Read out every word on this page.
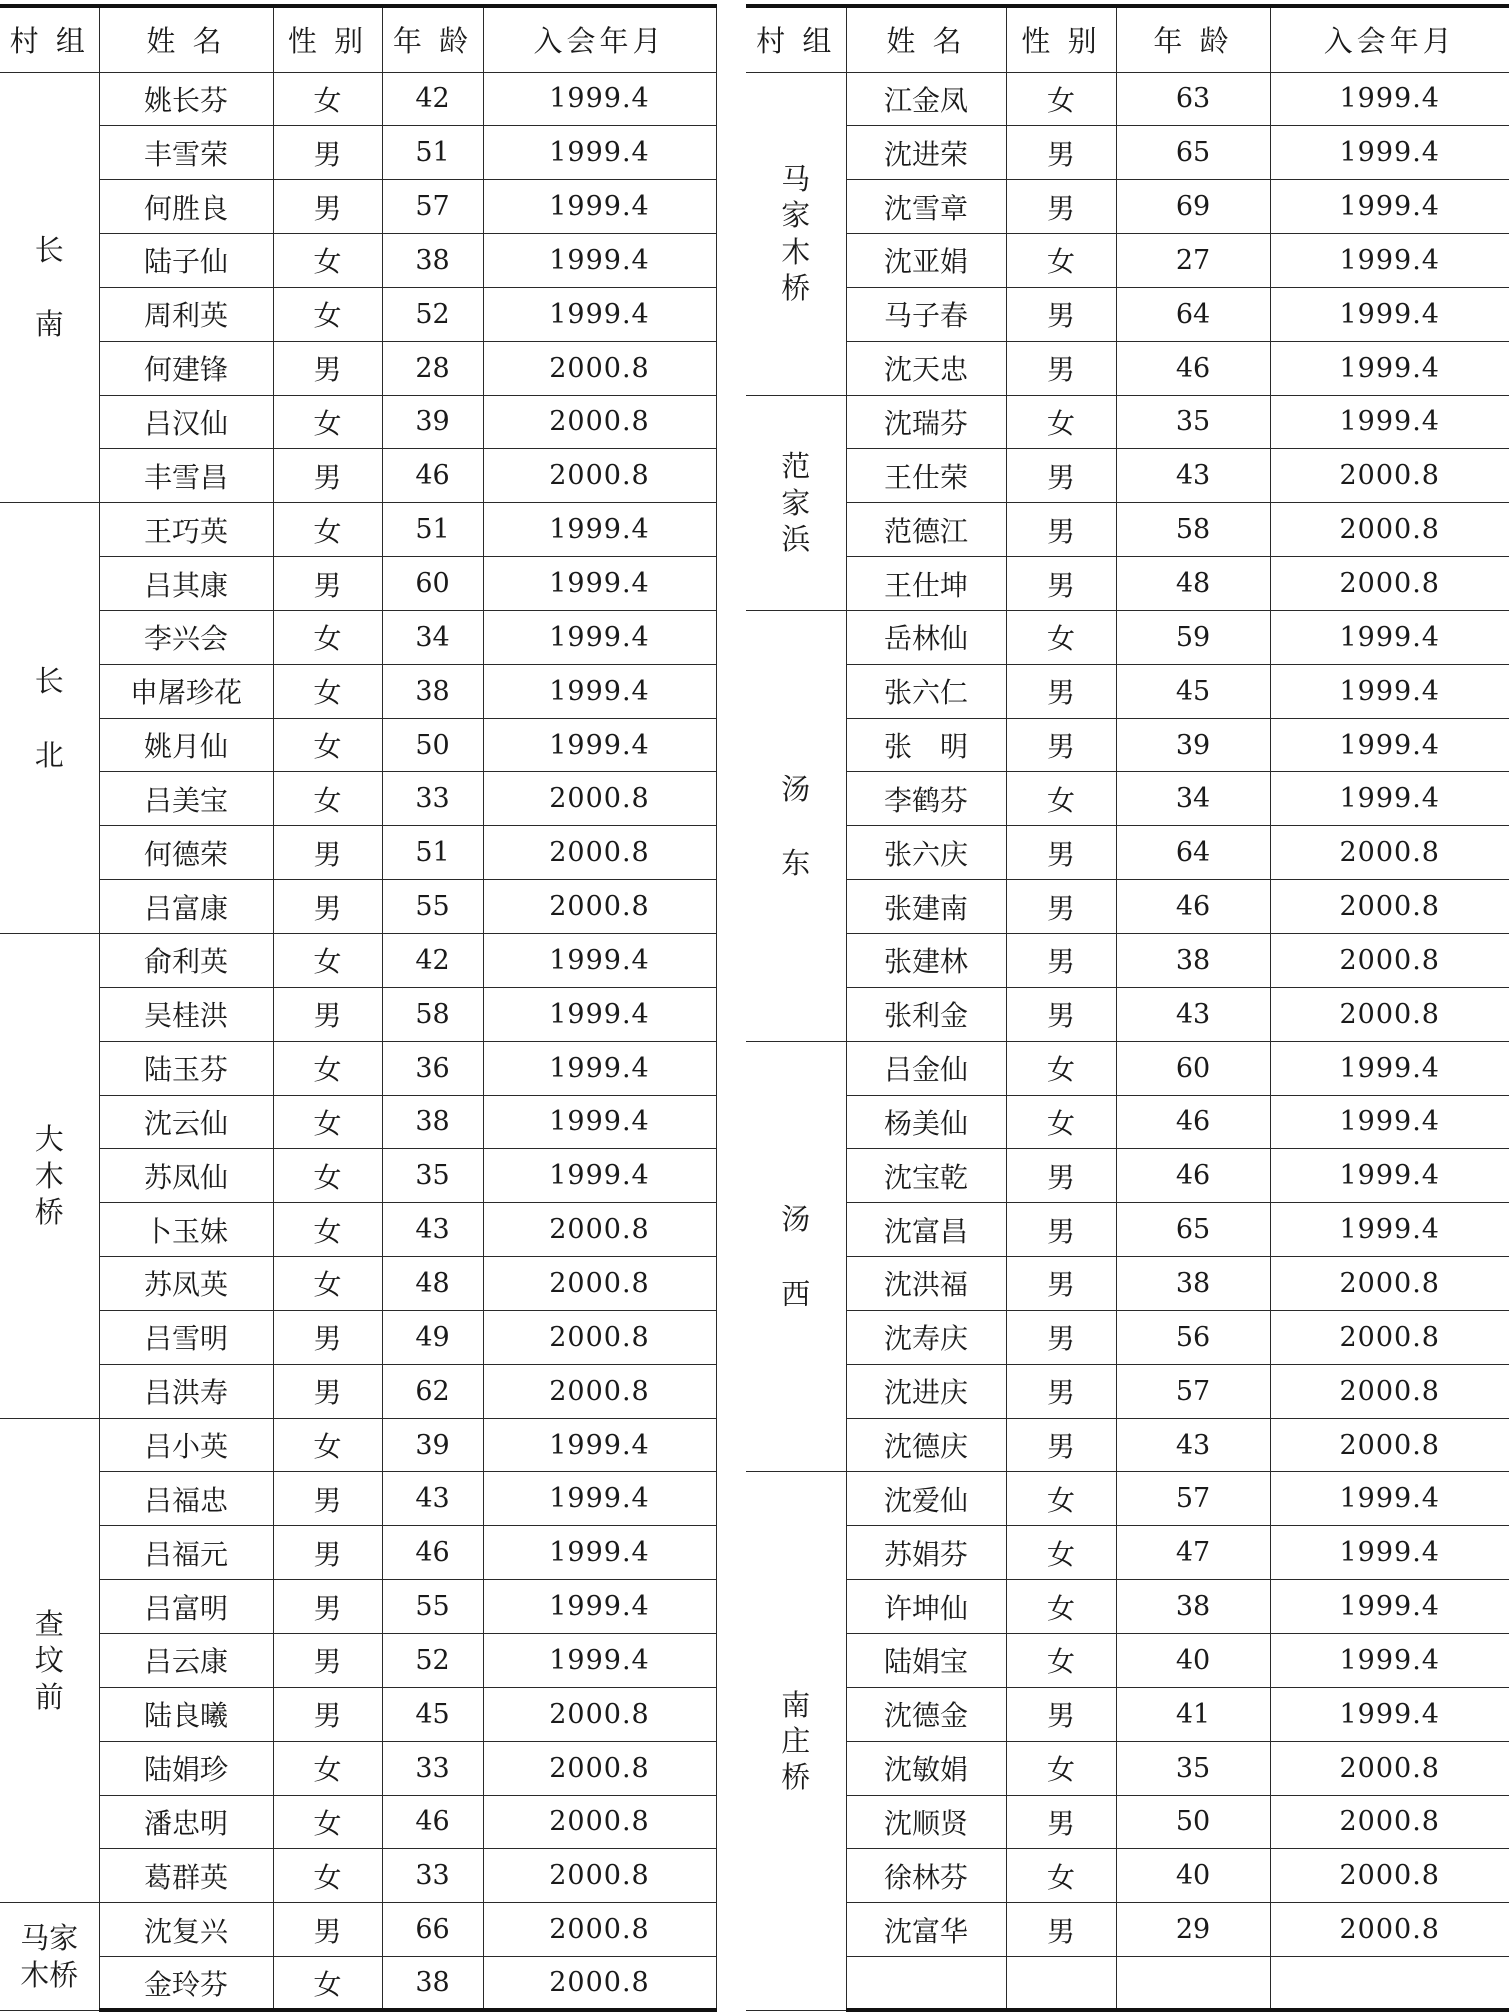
村 组	姓 名	性 别	年 龄	入会年月

长
南	姚长芬	女	42	1999.4
	丰雪荣	男	51	1999.4
	何胜良	男	57	1999.4
	陆子仙	女	38	1999.4
	周利英	女	52	1999.4
	何建锋	男	28	2000.8
	吕汉仙	女	39	2000.8
	丰雪昌	男	46	2000.8

长
北	王巧英	女	51	1999.4
	吕其康	男	60	1999.4
	李兴会	女	34	1999.4
	申屠珍花	女	38	1999.4
	姚月仙	女	50	1999.4
	吕美宝	女	33	2000.8
	何德荣	男	51	2000.8
	吕富康	男	55	2000.8

大
木
桥	俞利英	女	42	1999.4
	吴桂洪	男	58	1999.4
	陆玉芬	女	36	1999.4
	沈云仙	女	38	1999.4
	苏凤仙	女	35	1999.4
	卜玉妹	女	43	2000.8
	苏凤英	女	48	2000.8
	吕雪明	男	49	2000.8
	吕洪寿	男	62	2000.8

查
坟
前	吕小英	女	39	1999.4
	吕福忠	男	43	1999.4
	吕福元	男	46	1999.4
	吕富明	男	55	1999.4
	吕云康	男	52	1999.4
	陆良曦	男	45	2000.8
	陆娟珍	女	33	2000.8
	潘忠明	女	46	2000.8
	葛群英	女	33	2000.8

马家
木桥	沈复兴	男	66	2000.8
	金玲芬	女	38	2000.8
村 组	姓 名	性 别	年 龄	入会年月

马
家
木
桥	江金凤	女	63	1999.4
	沈进荣	男	65	1999.4
	沈雪章	男	69	1999.4
	沈亚娟	女	27	1999.4
	马子春	男	64	1999.4
	沈天忠	男	46	1999.4

范
家
浜	沈瑞芬	女	35	1999.4
	王仕荣	男	43	2000.8
	范德江	男	58	2000.8
	王仕坤	男	48	2000.8

汤
东	岳林仙	女	59	1999.4
	张六仁	男	45	1999.4
	张　明	男	39	1999.4
	李鹤芬	女	34	1999.4
	张六庆	男	64	2000.8
	张建南	男	46	2000.8
	张建林	男	38	2000.8
	张利金	男	43	2000.8

汤
西	吕金仙	女	60	1999.4
	杨美仙	女	46	1999.4
	沈宝乾	男	46	1999.4
	沈富昌	男	65	1999.4
	沈洪福	男	38	2000.8
	沈寿庆	男	56	2000.8
	沈进庆	男	57	2000.8
	沈德庆	男	43	2000.8

南
庄
桥	沈爱仙	女	57	1999.4
	苏娟芬	女	47	1999.4
	许坤仙	女	38	1999.4
	陆娟宝	女	40	1999.4
	沈德金	男	41	1999.4
	沈敏娟	女	35	2000.8
	沈顺贤	男	50	2000.8
	徐林芬	女	40	2000.8
	沈富华	男	29	2000.8
